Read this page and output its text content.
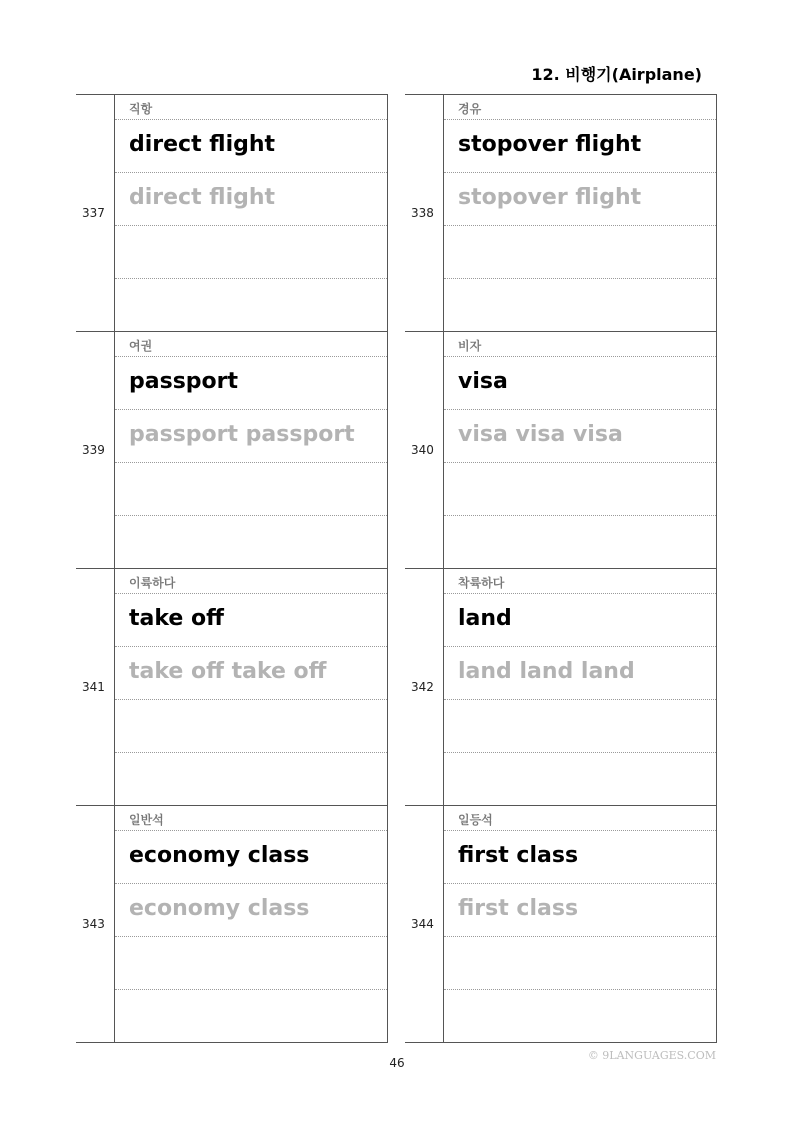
12. 비행기(Airplane)
337
직항
direct flight
direct flight
338
경유
stopover flight
stopover flight
339
여권
passport
passport passport
340
비자
visa
visa visa visa
341
이륙하다
take off
take off take off
342
착륙하다
land
land land land
343
일반석
economy class
economy class
344
일등석
first class
first class
46
© 9LANGUAGES.COM
